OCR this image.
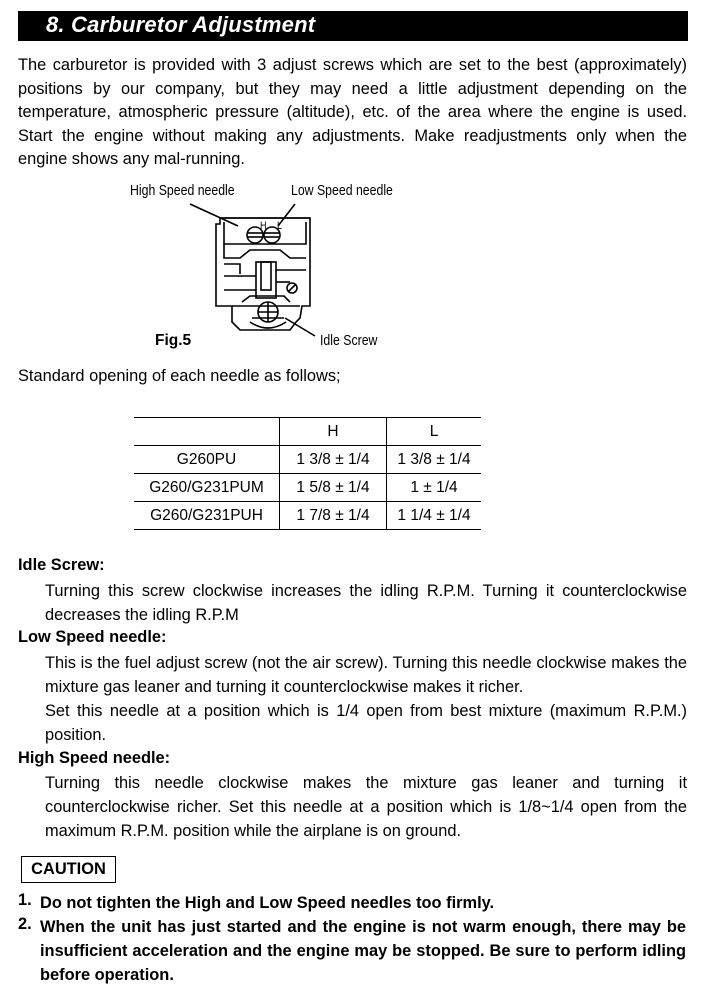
8. Carburetor Adjustment

The carburetor is provided with 3 adjust screws which are set to the best (approximately) positions by our company, but they may need a little adjustment depending on the temperature, atmospheric pressure (altitude), etc. of the area where the engine is used. Start the engine without making any adjustments. Make readjustments only when the engine shows any mal-running.

High Speed needle	Low Speed needle
H L
Idle Screw
Fig.5
Standard opening of each needle as follows;
	H	L
G260PU	1 3/8 ± 1/4	1 3/8 ± 1/4
G260/G231PUM	1 5/8 ± 1/4	1 ± 1/4
G260/G231PUH	1 7/8 ± 1/4	1 1/4 ± 1/4
Idle Screw:

Turning this screw clockwise increases the idling R.P.M. Turning it counterclockwise decreases the idling R.P.M

Low Speed needle:

This is the fuel adjust screw (not the air screw). Turning this needle clockwise makes the mixture gas leaner and turning it counterclockwise makes it richer.

Set this needle at a position which is 1/4 open from best mixture (maximum R.P.M.) position.

High Speed needle:

Turning this needle clockwise makes the mixture gas leaner and turning it counterclockwise richer. Set this needle at a position which is 1/8~1/4 open from the maximum R.P.M. position while the airplane is on ground.

CAUTION
1. Do not tighten the High and Low Speed needles too firmly.

2. When the unit has just started and the engine is not warm enough, there may be insufficient acceleration and the engine may be stopped. Be sure to perform idling before operation.
